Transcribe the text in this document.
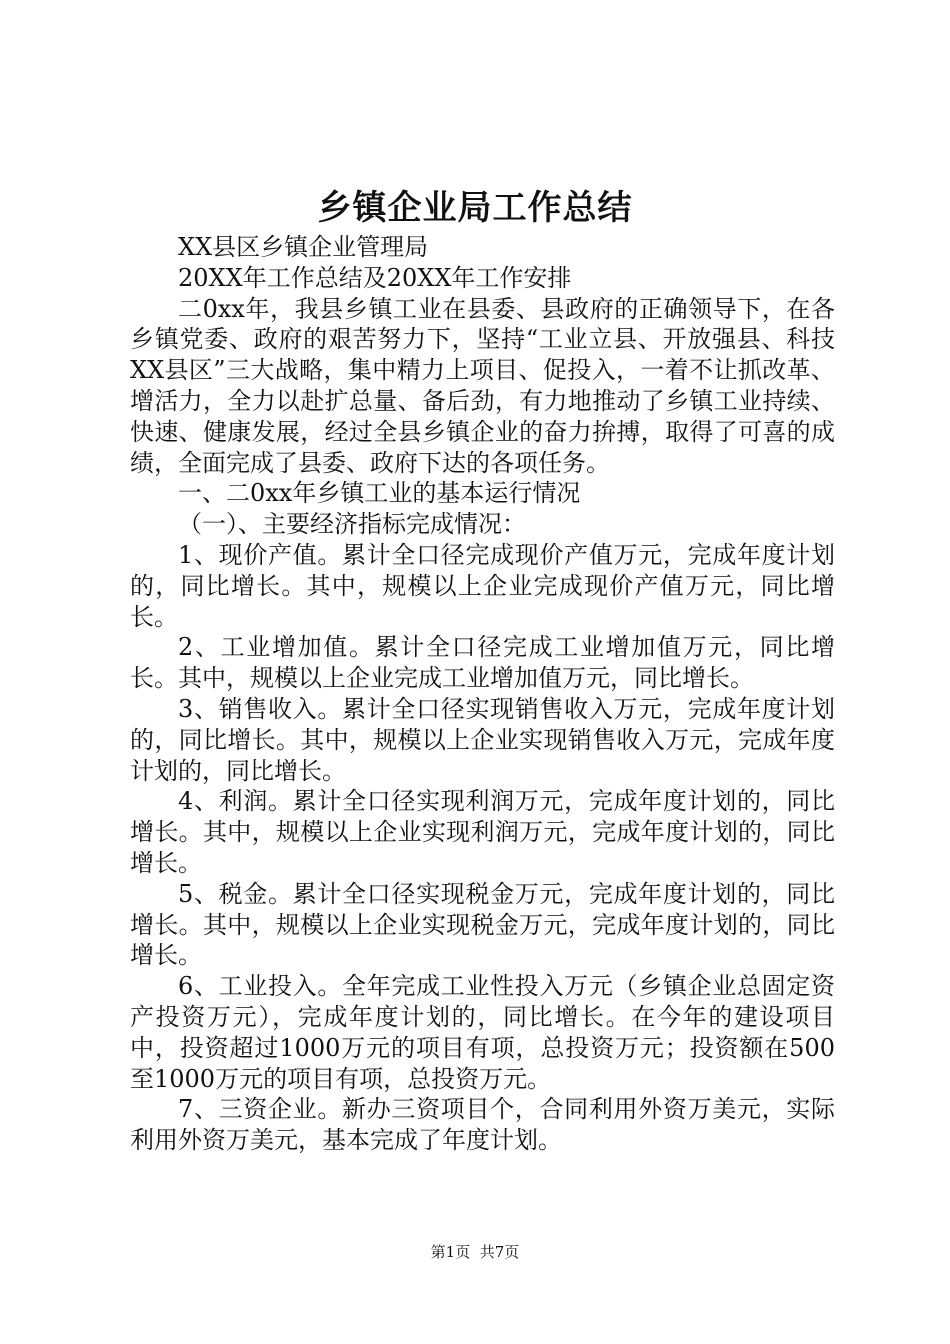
乡镇企业局工作总结

XX县区乡镇企业管理局

20XX年工作总结及20XX年工作安排

二0xx年，我县乡镇工业在县委、县政府的正确领导下，在各乡镇党委、政府的艰苦努力下，坚持“工业立县、开放强县、科技XX县区”三大战略，集中精力上项目、促投入，一着不让抓改革、增活力，全力以赴扩总量、备后劲，有力地推动了乡镇工业持续、快速、健康发展，经过全县乡镇企业的奋力拚搏，取得了可喜的成绩，全面完成了县委、政府下达的各项任务。

一、二0xx年乡镇工业的基本运行情况

（一）、主要经济指标完成情况：

1、现价产值。累计全口径完成现价产值万元，完成年度计划的，同比增长。其中，规模以上企业完成现价产值万元，同比增长。

2、工业增加值。累计全口径完成工业增加值万元，同比增长。其中，规模以上企业完成工业增加值万元，同比增长。

3、销售收入。累计全口径实现销售收入万元，完成年度计划的，同比增长。其中，规模以上企业实现销售收入万元，完成年度计划的，同比增长。

4、利润。累计全口径实现利润万元，完成年度计划的，同比增长。其中，规模以上企业实现利润万元，完成年度计划的，同比增长。

5、税金。累计全口径实现税金万元，完成年度计划的，同比增长。其中，规模以上企业实现税金万元，完成年度计划的，同比增长。

6、工业投入。全年完成工业性投入万元（乡镇企业总固定资产投资万元），完成年度计划的，同比增长。在今年的建设项目中，投资超过1000万元的项目有项，总投资万元；投资额在500至1000万元的项目有项，总投资万元。

7、三资企业。新办三资项目个，合同利用外资万美元，实际利用外资万美元，基本完成了年度计划。

第1页 共7页
